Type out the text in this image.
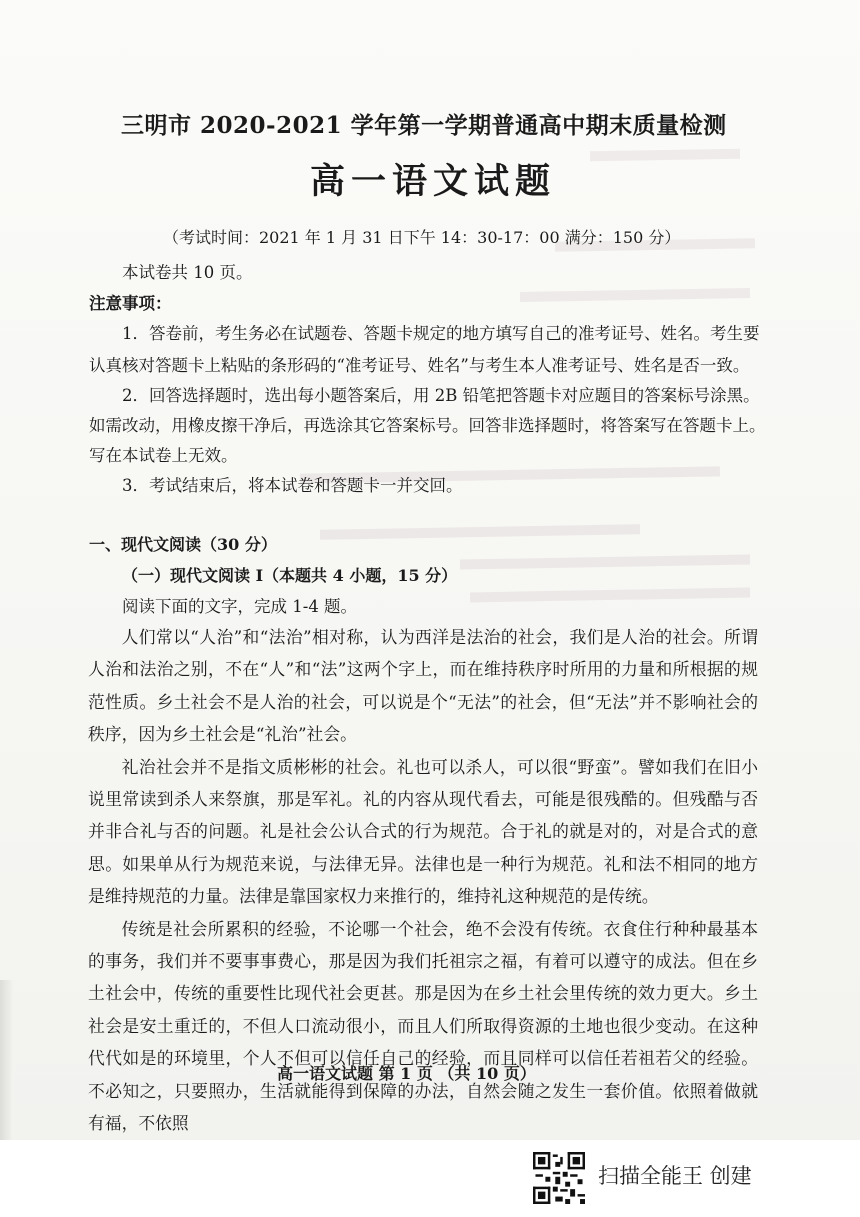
三明市 2020-2021 学年第一学期普通高中期末质量检测
高一语文试题
（考试时间：2021 年 1 月 31 日下午 14：30-17：00 满分：150 分）
本试卷共 10 页。
注意事项：
1．答卷前，考生务必在试题卷、答题卡规定的地方填写自己的准考证号、姓名。考生要
认真核对答题卡上粘贴的条形码的“准考证号、姓名”与考生本人准考证号、姓名是否一致。
2．回答选择题时，选出每小题答案后，用 2B 铅笔把答题卡对应题目的答案标号涂黑。
如需改动，用橡皮擦干净后，再选涂其它答案标号。回答非选择题时，将答案写在答题卡上。
写在本试卷上无效。
3．考试结束后，将本试卷和答题卡一并交回。
一、现代文阅读（30 分）
（一）现代文阅读 I（本题共 4 小题，15 分）
阅读下面的文字，完成 1-4 题。
人们常以“人治”和“法治”相对称，认为西洋是法治的社会，我们是人治的社会。所谓人治和法治之别，不在“人”和“法”这两个字上，而在维持秩序时所用的力量和所根据的规范性质。乡土社会不是人治的社会，可以说是个“无法”的社会，但“无法”并不影响社会的秩序，因为乡土社会是“礼治”社会。
礼治社会并不是指文质彬彬的社会。礼也可以杀人，可以很“野蛮”。譬如我们在旧小说里常读到杀人来祭旗，那是军礼。礼的内容从现代看去，可能是很残酷的。但残酷与否并非合礼与否的问题。礼是社会公认合式的行为规范。合于礼的就是对的，对是合式的意思。如果单从行为规范来说，与法律无异。法律也是一种行为规范。礼和法不相同的地方是维持规范的力量。法律是靠国家权力来推行的，维持礼这种规范的是传统。
传统是社会所累积的经验，不论哪一个社会，绝不会没有传统。衣食住行种种最基本的事务，我们并不要事事费心，那是因为我们托祖宗之福，有着可以遵守的成法。但在乡土社会中，传统的重要性比现代社会更甚。那是因为在乡土社会里传统的效力更大。乡土社会是安土重迁的，不但人口流动很小，而且人们所取得资源的土地也很少变动。在这种代代如是的环境里，个人不但可以信任自己的经验，而且同样可以信任若祖若父的经验。不必知之，只要照办，生活就能得到保障的办法，自然会随之发生一套价值。依照着做就有福，不依照
高一语文试题 第 1 页 （共 10 页）
扫描全能王 创建
